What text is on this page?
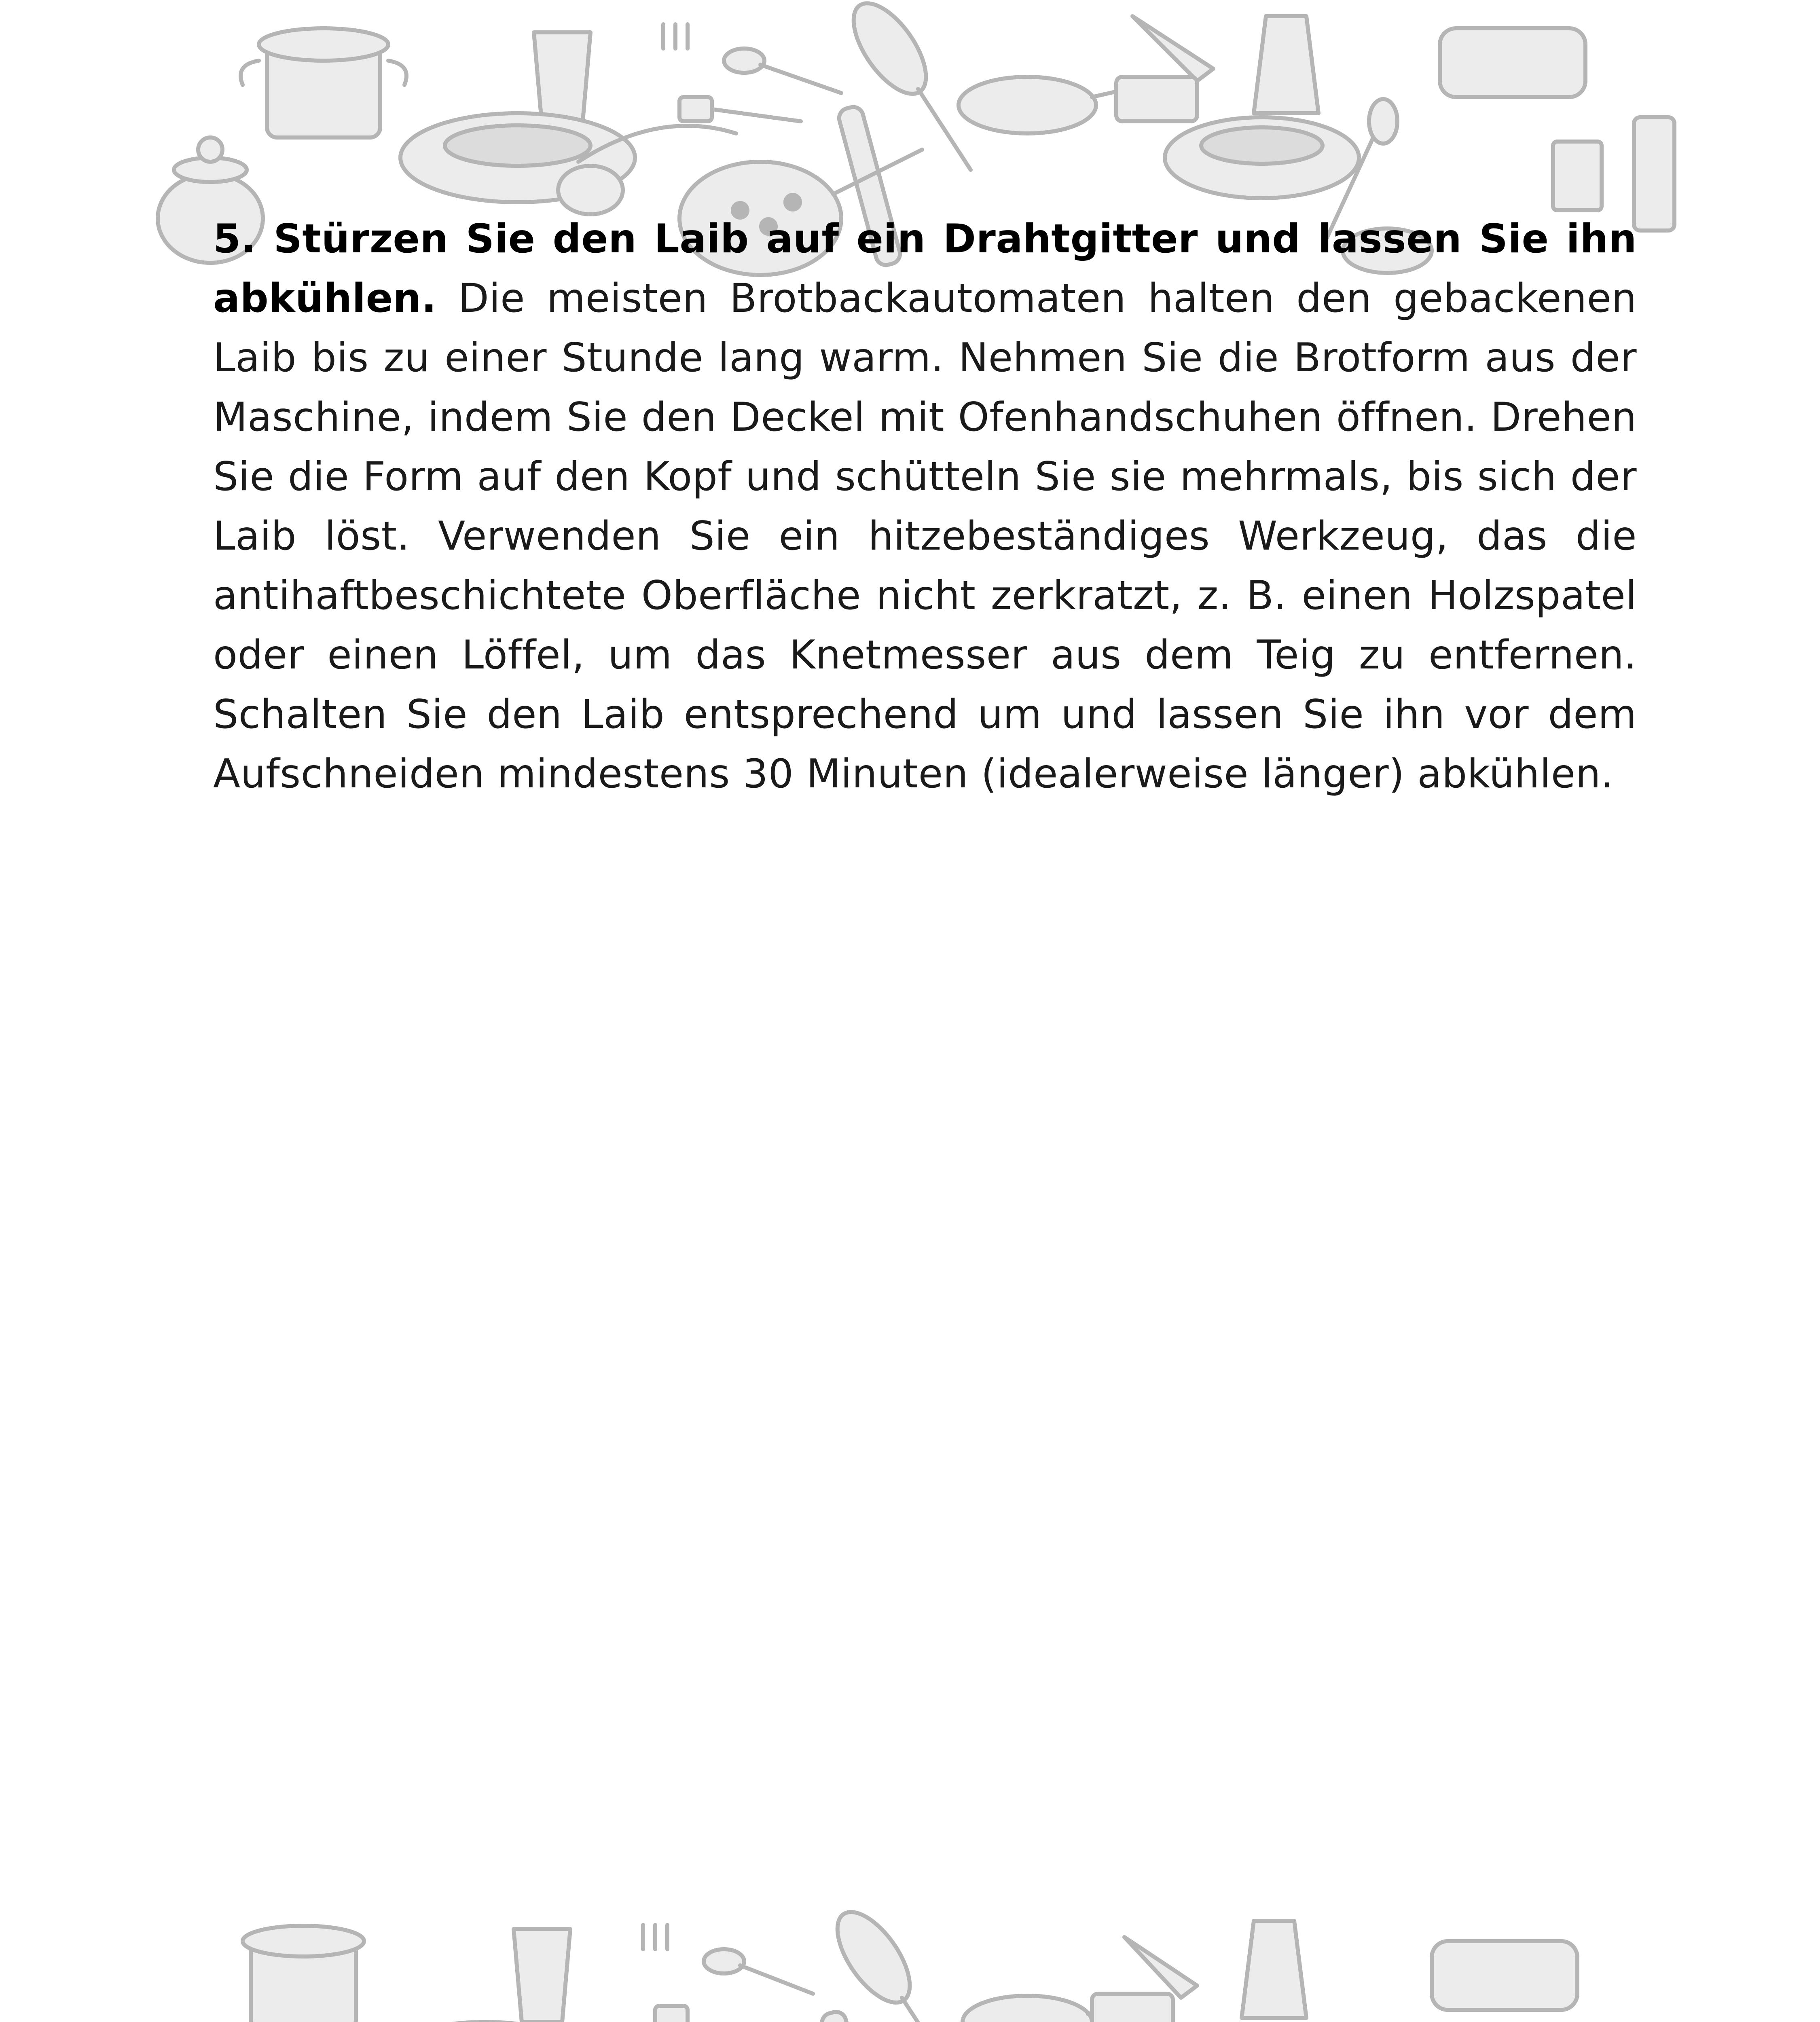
5. Stürzen Sie den Laib auf ein Drahtgitter und lassen Sie ihn abkühlen. Die meisten Brotbackautomaten halten den gebackenen Laib bis zu einer Stunde lang warm. Nehmen Sie die Brotform aus der Maschine, indem Sie den Deckel mit Ofenhandschuhen öffnen. Drehen Sie die Form auf den Kopf und schütteln Sie sie mehrmals, bis sich der Laib löst. Verwenden Sie ein hitzebeständiges Werkzeug, das die antihaftbeschichtete Oberfläche nicht zerkratzt, z. B. einen Holzspatel oder einen Löffel, um das Knetmesser aus dem Teig zu entfernen. Schalten Sie den Laib entsprechend um und lassen Sie ihn vor dem Aufschneiden mindestens 30 Minuten (idealerweise länger) abkühlen.
